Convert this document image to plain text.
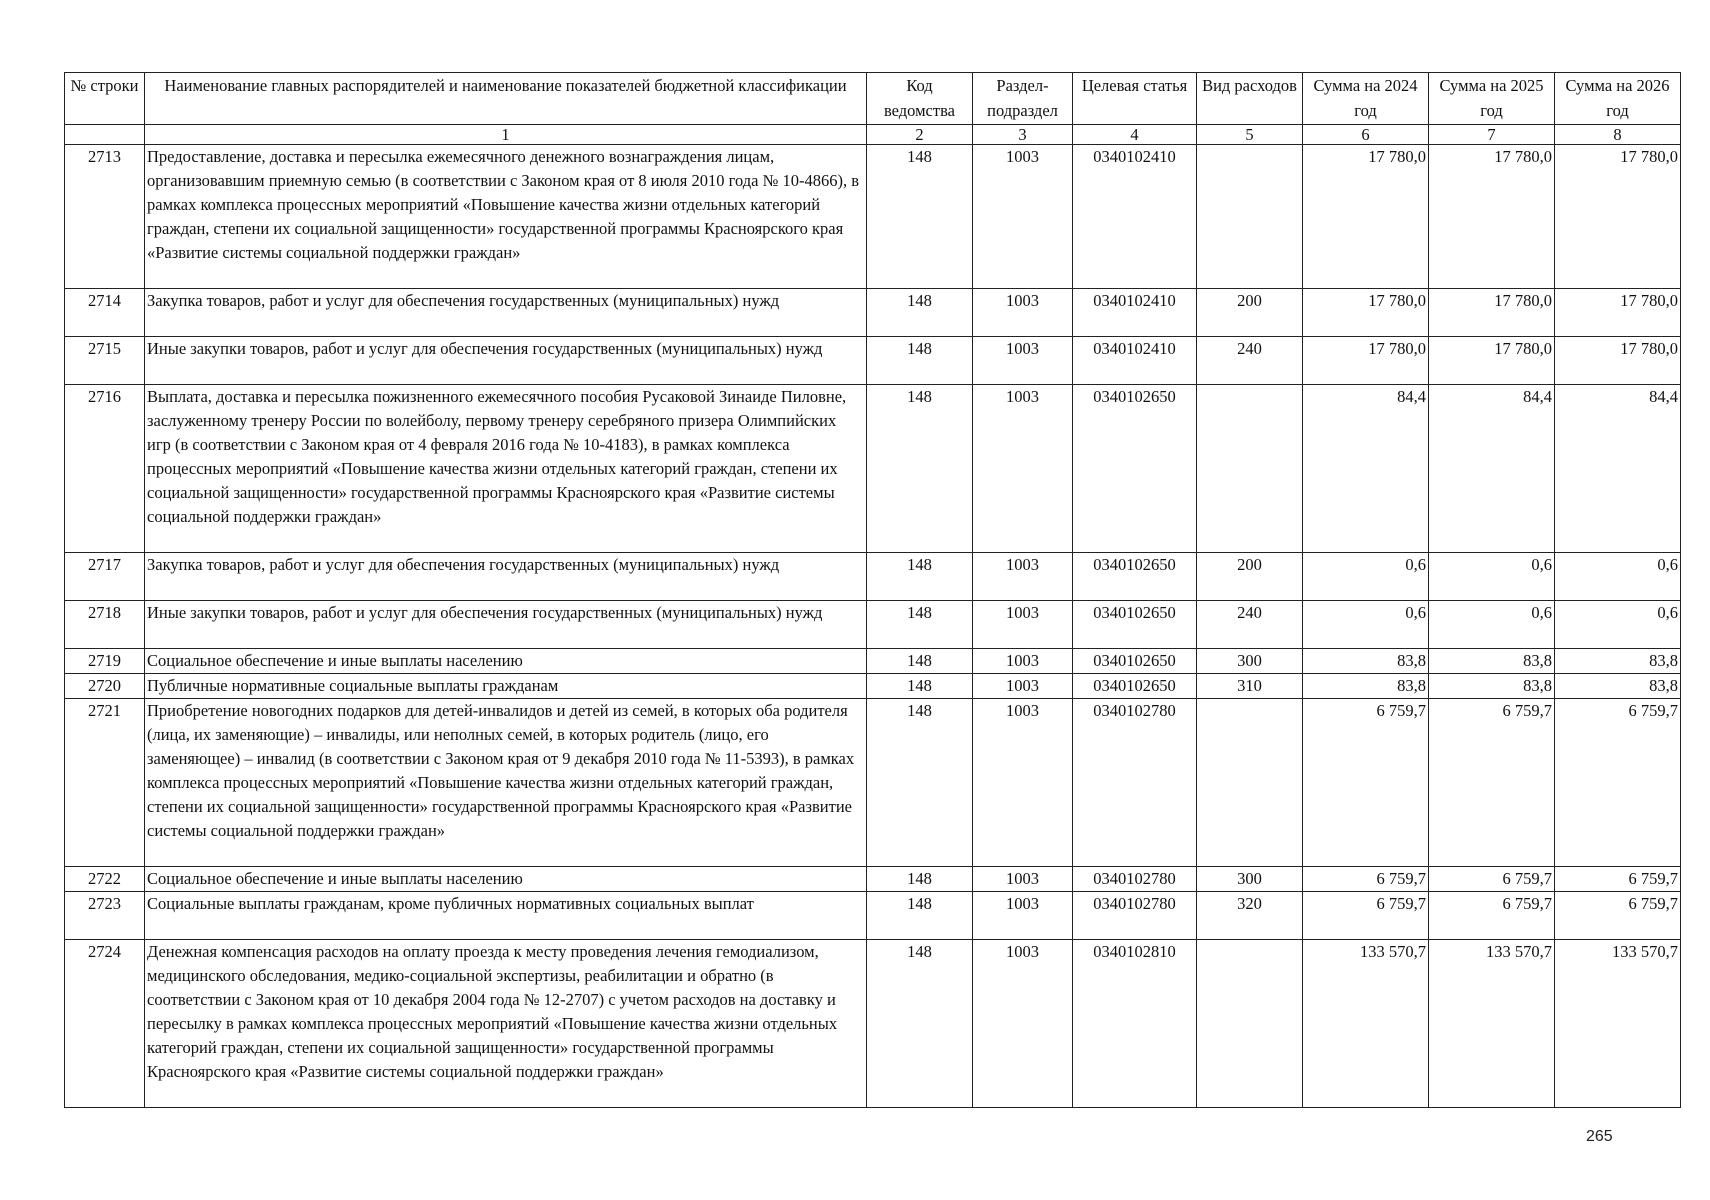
№ строки	Наименование главных распорядителей и наименование показателей бюджетной классификации	Код ведомства	Раздел-подраздел	Целевая статья	Вид расходов	Сумма на 2024 год	Сумма на 2025 год	Сумма на 2026 год
	1	2	3	4	5	6	7	8
2713	Предоставление, доставка и пересылка ежемесячного денежного вознаграждения лицам, организовавшим приемную семью (в соответствии с Законом края от 8 июля 2010 года № 10-4866), в рамках комплекса процессных мероприятий «Повышение качества жизни отдельных категорий граждан, степени их социальной защищенности» государственной программы Красноярского края «Развитие системы социальной поддержки граждан»	148	1003	0340102410		17 780,0	17 780,0	17 780,0
2714	Закупка товаров, работ и услуг для обеспечения государственных (муниципальных) нужд	148	1003	0340102410	200	17 780,0	17 780,0	17 780,0
2715	Иные закупки товаров, работ и услуг для обеспечения государственных (муниципальных) нужд	148	1003	0340102410	240	17 780,0	17 780,0	17 780,0
2716	Выплата, доставка и пересылка пожизненного ежемесячного пособия Русаковой Зинаиде Пиловне, заслуженному тренеру России по волейболу, первому тренеру серебряного призера Олимпийских игр (в соответствии с Законом края от 4 февраля 2016 года № 10-4183), в рамках комплекса процессных мероприятий «Повышение качества жизни отдельных категорий граждан, степени их социальной защищенности» государственной программы Красноярского края «Развитие системы социальной поддержки граждан»	148	1003	0340102650		84,4	84,4	84,4
2717	Закупка товаров, работ и услуг для обеспечения государственных (муниципальных) нужд	148	1003	0340102650	200	0,6	0,6	0,6
2718	Иные закупки товаров, работ и услуг для обеспечения государственных (муниципальных) нужд	148	1003	0340102650	240	0,6	0,6	0,6
2719	Социальное обеспечение и иные выплаты населению	148	1003	0340102650	300	83,8	83,8	83,8
2720	Публичные нормативные социальные выплаты гражданам	148	1003	0340102650	310	83,8	83,8	83,8
2721	Приобретение новогодних подарков для детей-инвалидов и детей из семей, в которых оба родителя (лица, их заменяющие) – инвалиды, или неполных семей, в которых родитель (лицо, его заменяющее) – инвалид (в соответствии с Законом края от 9 декабря 2010 года № 11-5393), в рамках комплекса процессных мероприятий «Повышение качества жизни отдельных категорий граждан, степени их социальной защищенности» государственной программы Красноярского края «Развитие системы социальной поддержки граждан»	148	1003	0340102780		6 759,7	6 759,7	6 759,7
2722	Социальное обеспечение и иные выплаты населению	148	1003	0340102780	300	6 759,7	6 759,7	6 759,7
2723	Социальные выплаты гражданам, кроме публичных нормативных социальных выплат	148	1003	0340102780	320	6 759,7	6 759,7	6 759,7
2724	Денежная компенсация расходов на оплату проезда к месту проведения лечения гемодиализом, медицинского обследования, медико-социальной экспертизы, реабилитации и обратно (в соответствии с Законом края от 10 декабря 2004 года № 12-2707) с учетом расходов на доставку и пересылку в рамках комплекса процессных мероприятий «Повышение качества жизни отдельных категорий граждан, степени их социальной защищенности» государственной программы Красноярского края «Развитие системы социальной поддержки граждан»	148	1003	0340102810		133 570,7	133 570,7	133 570,7
265
